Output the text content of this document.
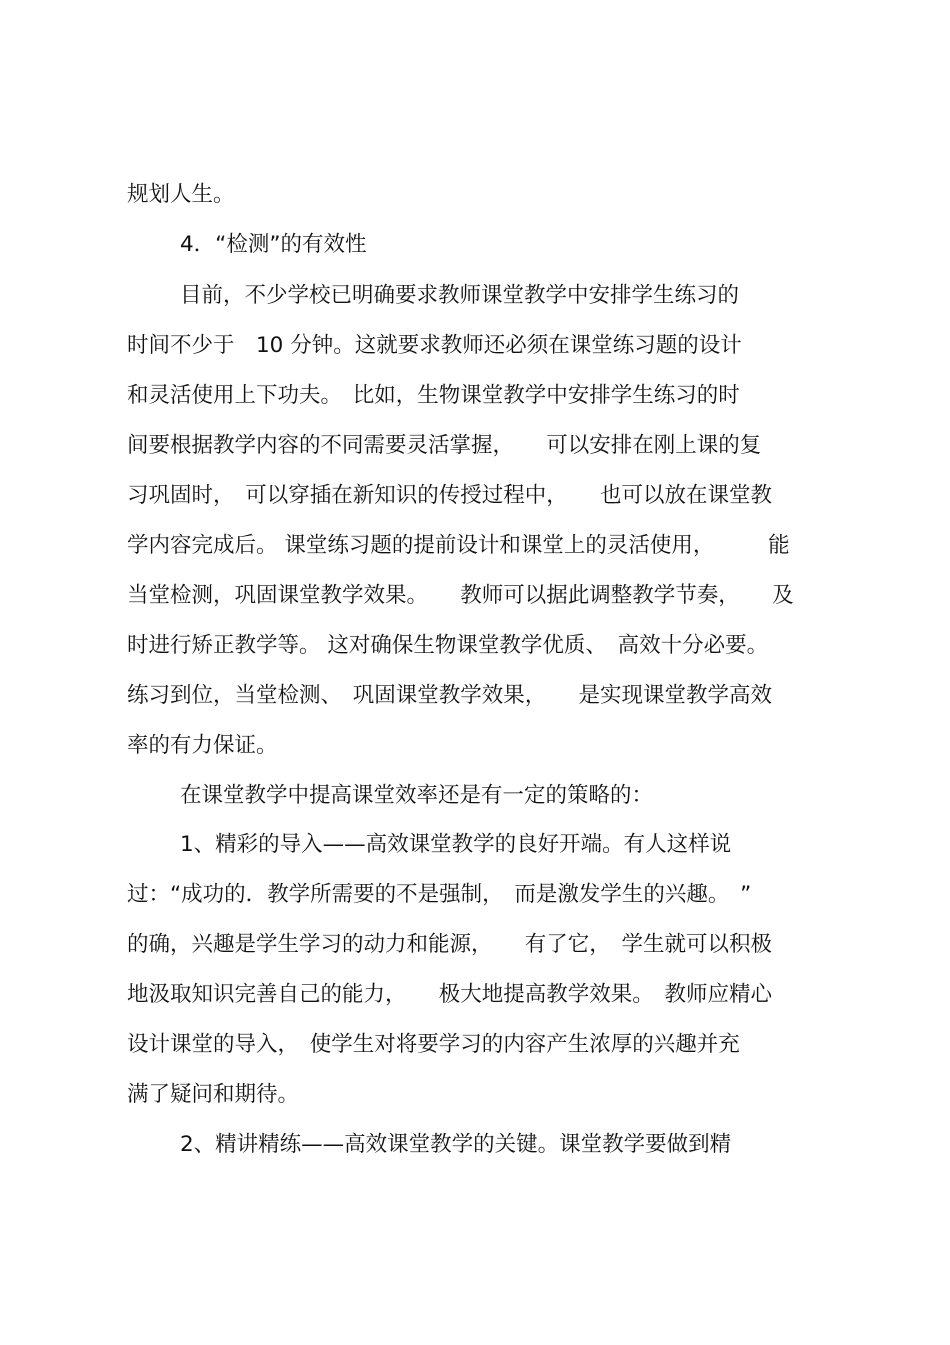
规划人生。

4．“检测”的有效性

目前，不少学校已明确要求教师课堂教学中安排学生练习的

时间不少于　10 分钟。这就要求教师还必须在课堂练习题的设计

和灵活使用上下功夫。　比如，生物课堂教学中安排学生练习的时

间要根据教学内容的不同需要灵活掌握，　　可以安排在刚上课的复

习巩固时，　可以穿插在新知识的传授过程中，　　也可以放在课堂教

学内容完成后。 课堂练习题的提前设计和课堂上的灵活使用，　　　能

当堂检测，巩固课堂教学效果。　　教师可以据此调整教学节奏，　　及

时进行矫正教学等。 这对确保生物课堂教学优质、　高效十分必要。

练习到位，当堂检测、　巩固课堂教学效果，　　是实现课堂教学高效

率的有力保证。

在课堂教学中提高课堂效率还是有一定的策略的：

1、精彩的导入——高效课堂教学的良好开端。有人这样说

过：“成功的．教学所需要的不是强制，　而是激发学生的兴趣。　”

的确，兴趣是学生学习的动力和能源，　　有了它，　学生就可以积极

地汲取知识完善自己的能力，　　极大地提高教学效果。　教师应精心

设计课堂的导入，　使学生对将要学习的内容产生浓厚的兴趣并充

满了疑问和期待。

2、精讲精练——高效课堂教学的关键。课堂教学要做到精
